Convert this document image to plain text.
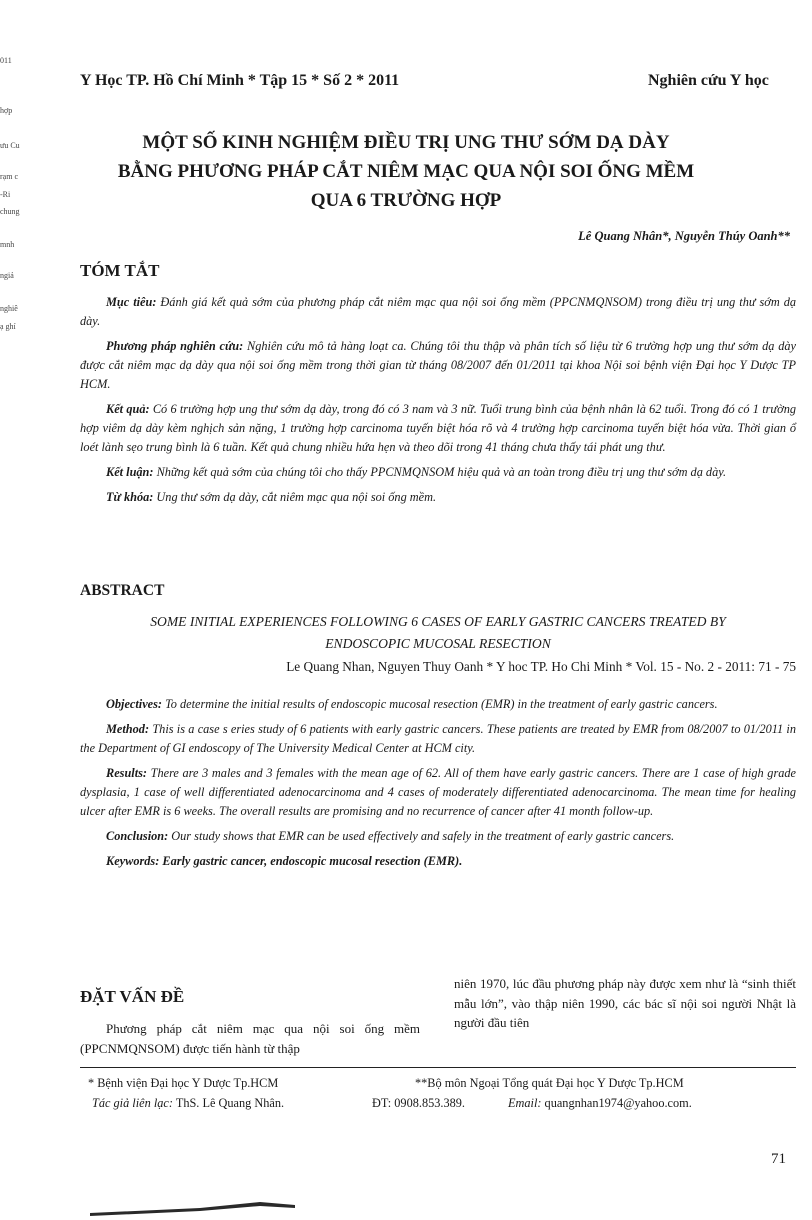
011
hợp
ưu Cu
rạm c
-Ri
chung
mnh
ngiả
nghiê
ạ ghí
Y Học TP. Hồ Chí Minh * Tập 15 * Số 2 * 2011	Nghiên cứu Y học
MỘT SỐ KINH NGHIỆM ĐIỀU TRỊ UNG THƯ SỚM DẠ DÀY
BẰNG PHƯƠNG PHÁP CẮT NIÊM MẠC QUA NỘI SOI ỐNG MỀM
QUA 6 TRƯỜNG HỢP
Lê Quang Nhân*, Nguyễn Thúy Oanh**
TÓM TẮT
Mục tiêu: Đánh giá kết quả sớm của phương pháp cắt niêm mạc qua nội soi ống mềm (PPCNMQNSOM) trong điều trị ung thư sớm dạ dày.
Phương pháp nghiên cứu: Nghiên cứu mô tả hàng loạt ca. Chúng tôi thu thập và phân tích số liệu từ 6 trường hợp ung thư sớm dạ dày được cắt niêm mạc dạ dày qua nội soi ống mềm trong thời gian từ tháng 08/2007 đến 01/2011 tại khoa Nội soi bệnh viện Đại học Y Dược TP HCM.
Kết quả: Có 6 trường hợp ung thư sớm dạ dày, trong đó có 3 nam và 3 nữ. Tuổi trung bình của bệnh nhân là 62 tuổi. Trong đó có 1 trường hợp viêm dạ dày kèm nghịch sản nặng, 1 trường hợp carcinoma tuyến biệt hóa rõ và 4 trường hợp carcinoma tuyến biệt hóa vừa. Thời gian ổ loét lành sẹo trung bình là 6 tuần. Kết quả chung nhiều hứa hẹn và theo dõi trong 41 tháng chưa thấy tái phát ung thư.
Kết luận: Những kết quả sớm của chúng tôi cho thấy PPCNMQNSOM hiệu quả và an toàn trong điều trị ung thư sớm dạ dày.
Từ khóa: Ung thư sớm dạ dày, cắt niêm mạc qua nội soi ống mềm.
ABSTRACT
SOME INITIAL EXPERIENCES FOLLOWING 6 CASES OF EARLY GASTRIC CANCERS TREATED BY
ENDOSCOPIC MUCOSAL RESECTION
Le Quang Nhan, Nguyen Thuy Oanh * Y hoc TP. Ho Chi Minh * Vol. 15 - No. 2 - 2011: 71 - 75
Objectives: To determine the initial results of endoscopic mucosal resection (EMR) in the treatment of early gastric cancers.
Method: This is a case s eries study of 6 patients with early gastric cancers. These patients are treated by EMR from 08/2007 to 01/2011 in the Department of GI endoscopy of The University Medical Center at HCM city.
Results: There are 3 males and 3 females with the mean age of 62. All of them have early gastric cancers. There are 1 case of high grade dysplasia, 1 case of well differentiated adenocarcinoma and 4 cases of moderately differentiated adenocarcinoma. The mean time for healing ulcer after EMR is 6 weeks. The overall results are promising and no recurrence of cancer after 41 month follow-up.
Conclusion: Our study shows that EMR can be used effectively and safely in the treatment of early gastric cancers.
Keywords: Early gastric cancer, endoscopic mucosal resection (EMR).
ĐẶT VẤN ĐỀ
Phương pháp cắt niêm mạc qua nội soi ống mềm (PPCNMQNSOM) được tiến hành từ thập
niên 1970, lúc đầu phương pháp này được xem như là “sinh thiết mẫu lớn”, vào thập niên 1990, các bác sĩ nội soi người Nhật là người đầu tiên
* Bệnh viện Đại học Y Dược Tp.HCM	**Bộ môn Ngoại Tổng quát Đại học Y Dược Tp.HCM
Tác giả liên lạc: ThS. Lê Quang Nhân.	ĐT: 0908.853.389.	Email: quangnhan1974@yahoo.com.
71
